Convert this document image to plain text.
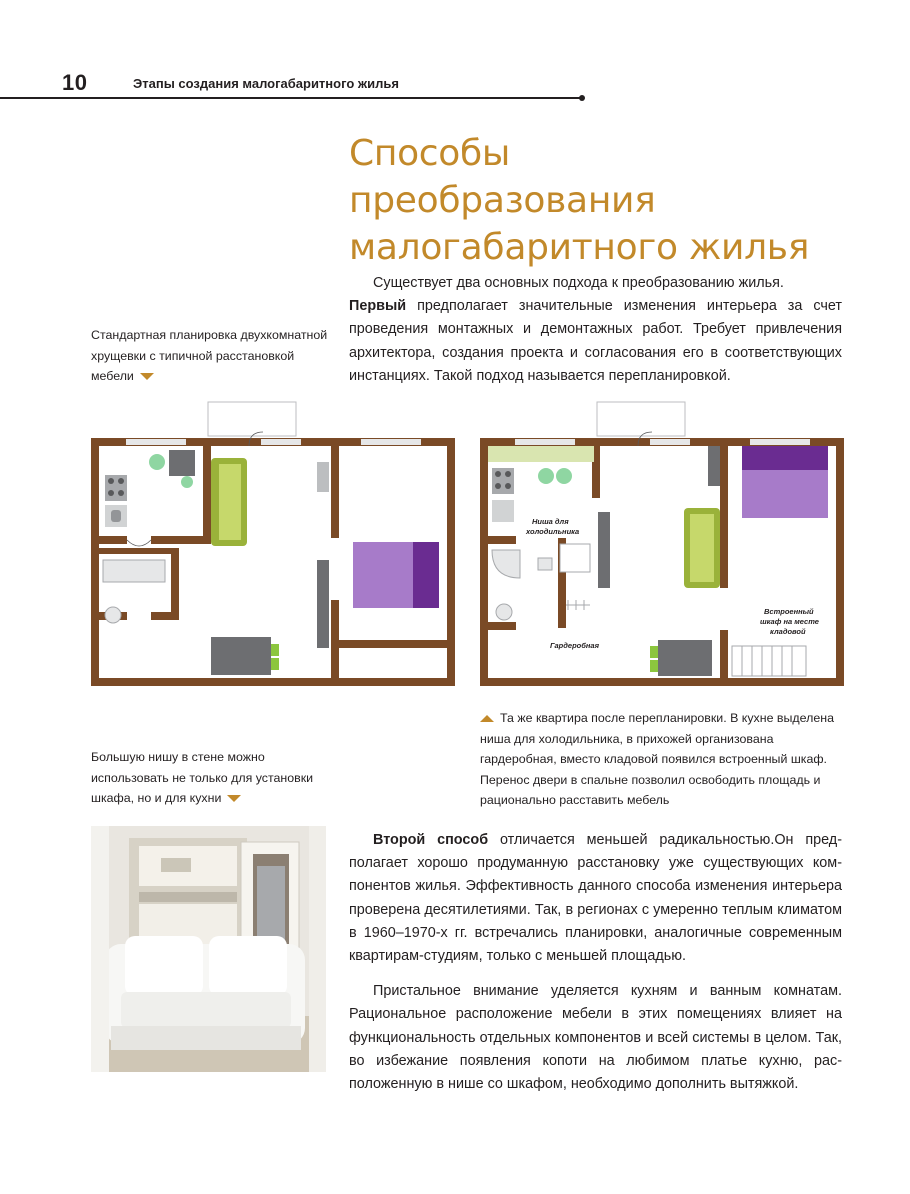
10	Этапы создания малогабаритного жилья
Способы
преобразования
малогабаритного жилья

Существует два основных подхода к преобразованию жилья.

Первый предполагает значительные изменения интерьера за счет проведения монтажных и демонтажных работ. Требует привлечения архитектора, создания проекта и согласования его в соответствующих инстанциях. Такой подход называется перепланировкой.

Стандартная планировка двухкомнатной хрущевки с типичной расстановкой мебели
Ниша для
холодильника
Гардеробная
Встроенный
шкаф на месте
кладовой
Та же квартира после перепланировки. В кухне выделена ниша для холодильника, в прихожей организована гардеробная, вместо кладовой появился встроенный шкаф. Перенос двери в спальне позволил освободить площадь и рационально расставить мебель
Большую нишу в стене можно использовать не только для установки шкафа, но и для кухни

Второй способ отличается меньшей радикальностью.Он предполагает хорошо продуманную расстановку уже существующих компонентов жилья. Эффективность данного способа изменения интерьера проверена десятилетиями. Так, в регионах с умеренно теплым климатом в 1960–1970-х гг. встречались планировки, аналогичные современным квартирам-студиям, только с меньшей площадью.

Пристальное внимание уделяется кухням и ванным комнатам. Рациональное расположение мебели в этих помещениях влияет на функциональность отдельных компонентов и всей системы в целом. Так, во избежание появления копоти на любимом платье кухню, расположенную в нише со шкафом, необходимо дополнить вытяжкой.
